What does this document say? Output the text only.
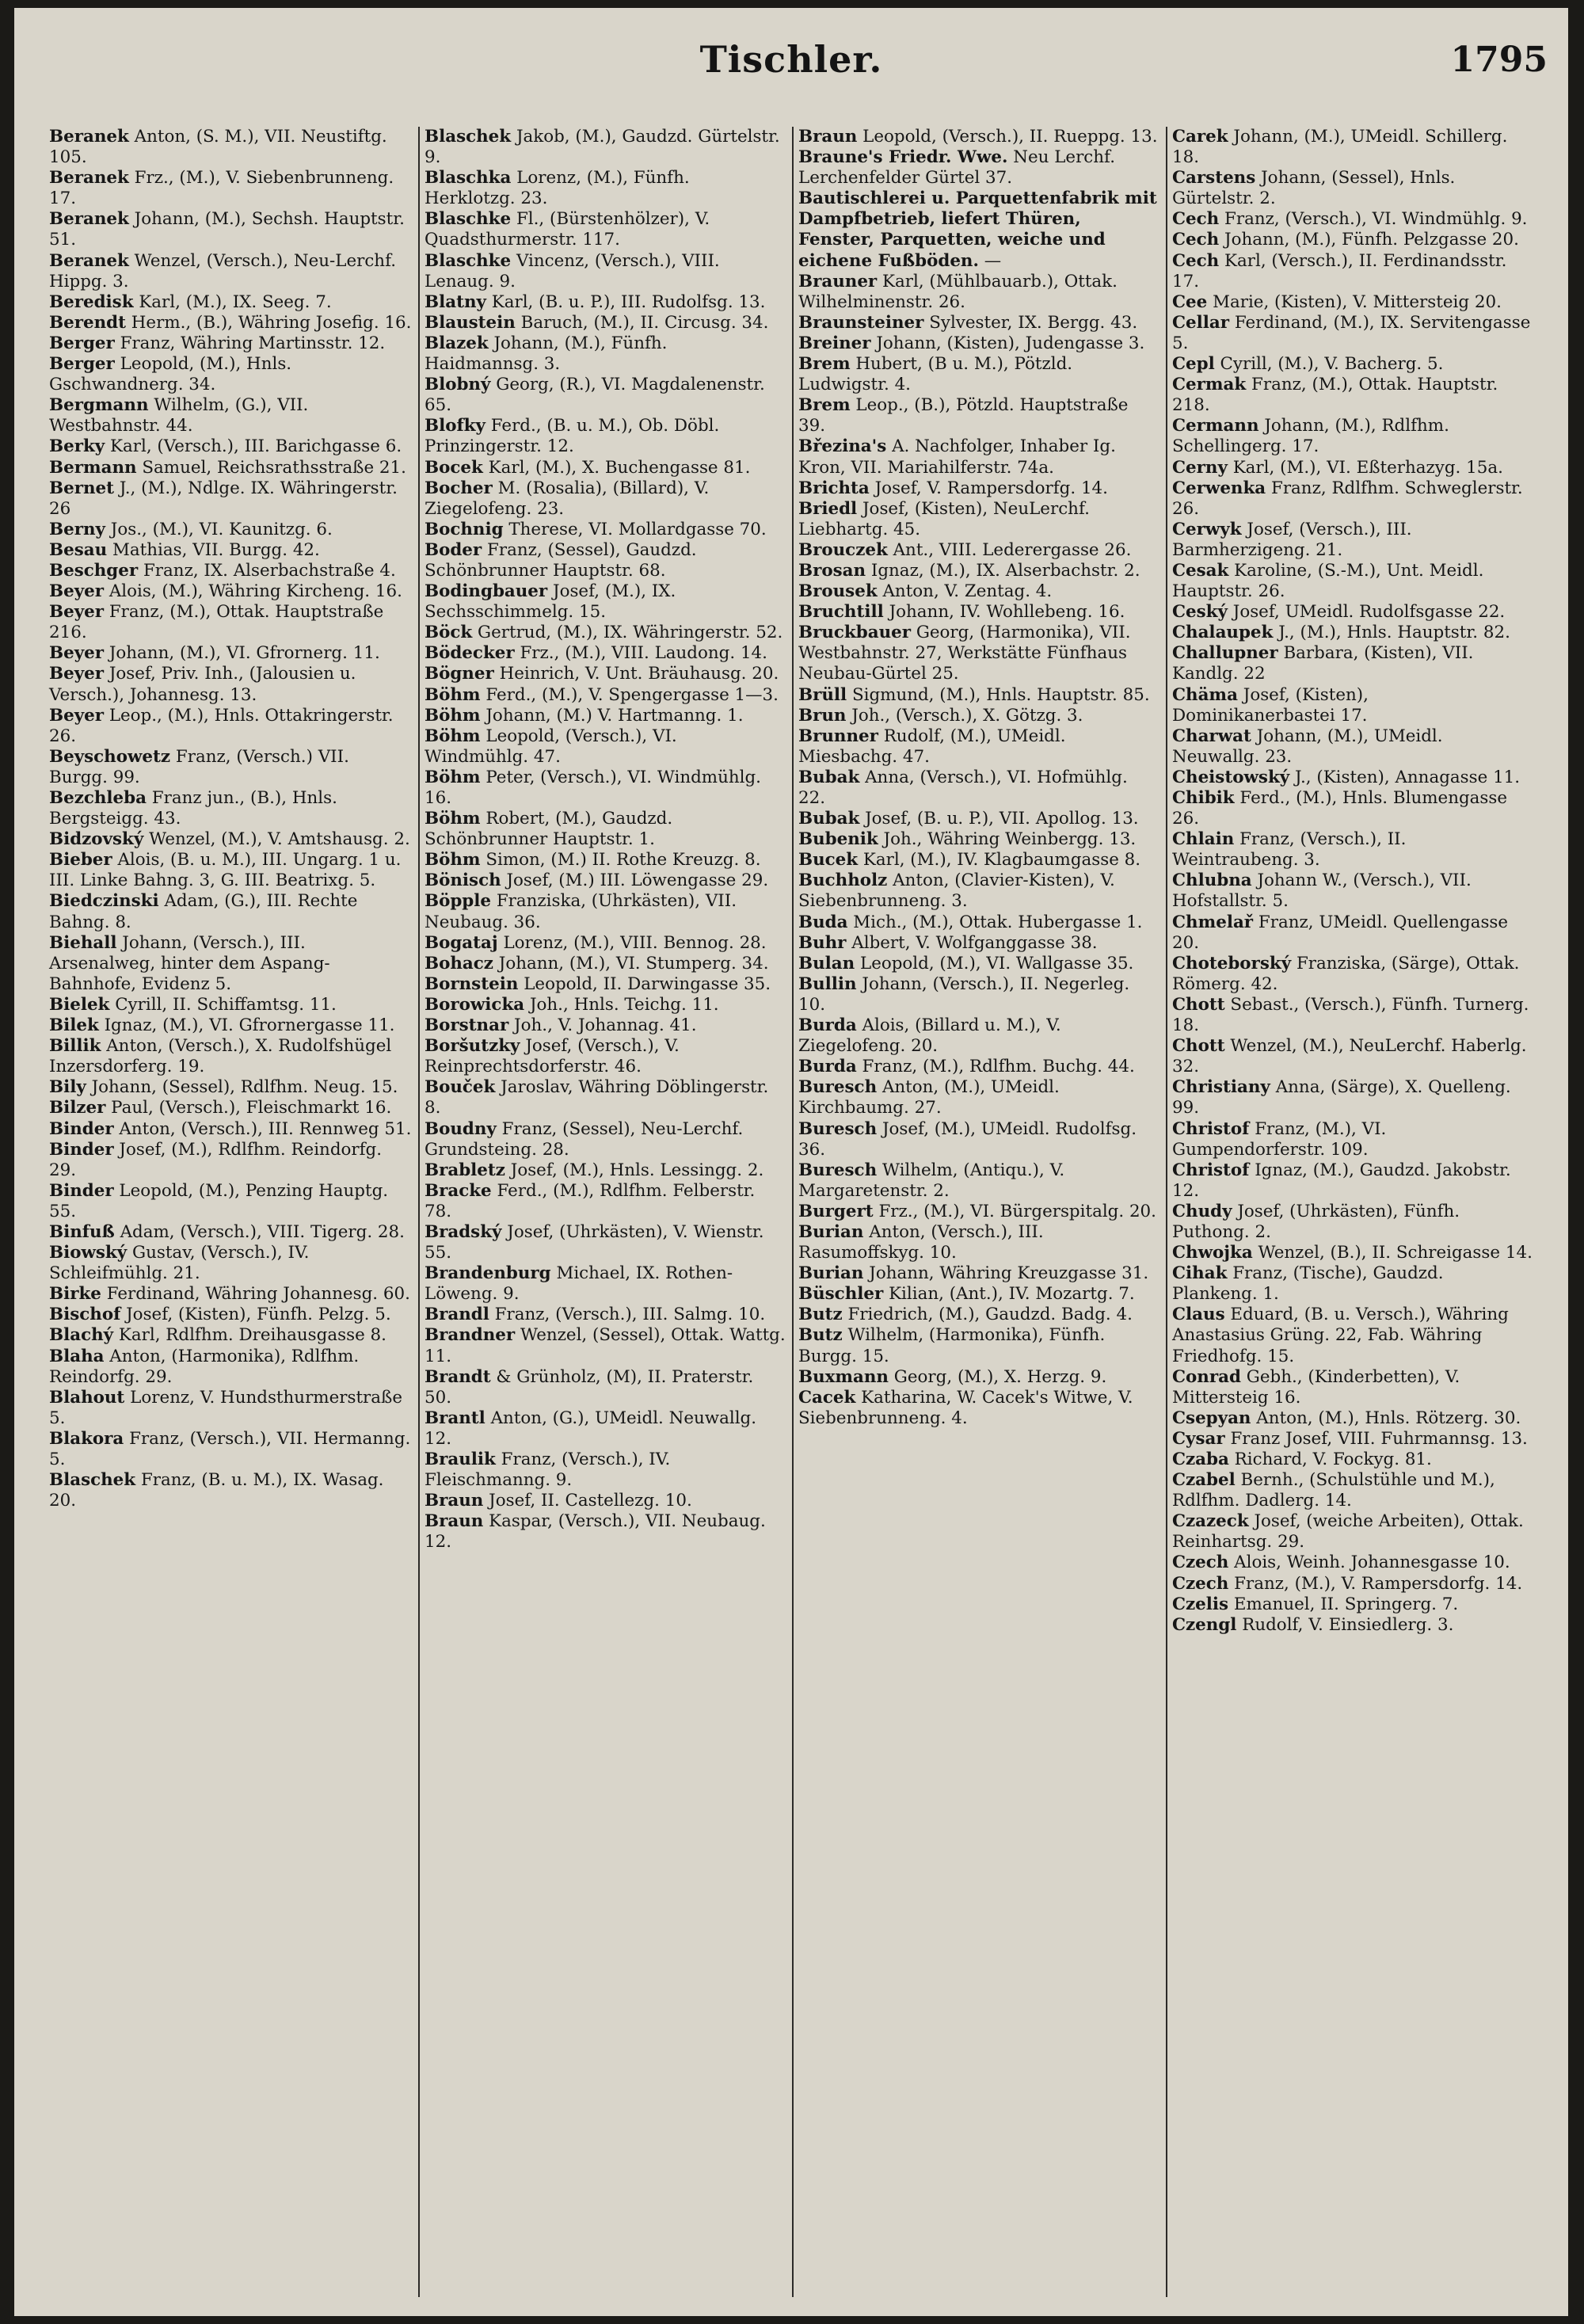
Tischler.	1795

Beranek Anton, (S. M.), VII. Neustiftg. 105.

Beranek Frz., (M.), V. Siebenbrunneng. 17.

Beranek Johann, (M.), Sechsh. Hauptstr. 51.

Beranek Wenzel, (Versch.), Neu-Lerchf. Hippg. 3.

Beredisk Karl, (M.), IX. Seeg. 7.

Berendt Herm., (B.), Währing Josefig. 16.

Berger Franz, Währing Martinsstr. 12.

Berger Leopold, (M.), Hnls. Gschwandnerg. 34.

Bergmann Wilhelm, (G.), VII. Westbahnstr. 44.

Berky Karl, (Versch.), III. Barichgasse 6.

Bermann Samuel, Reichsrathsstraße 21.

Bernet J., (M.), Ndlge. IX. Währingerstr. 26

Berny Jos., (M.), VI. Kaunitzg. 6.

Besau Mathias, VII. Burgg. 42.

Beschger Franz, IX. Alserbachstraße 4.

Beyer Alois, (M.), Währing Kircheng. 16.

Beyer Franz, (M.), Ottak. Hauptstraße 216.

Beyer Johann, (M.), VI. Gfrornerg. 11.

Beyer Josef, Priv. Inh., (Jalousien u. Versch.), Johannesg. 13.

Beyer Leop., (M.), Hnls. Ottakringerstr. 26.

Beyschowetz Franz, (Versch.) VII. Burgg. 99.

Bezchleba Franz jun., (B.), Hnls. Bergsteigg. 43.

Bidzovský Wenzel, (M.), V. Amtshausg. 2.

Bieber Alois, (B. u. M.), III. Ungarg. 1 u. III. Linke Bahng. 3, G. III. Beatrixg. 5.

Biedczinski Adam, (G.), III. Rechte Bahng. 8.

Biehall Johann, (Versch.), III. Arsenalweg, hinter dem Aspang-Bahnhofe, Evidenz 5.

Bielek Cyrill, II. Schiffamtsg. 11.

Bilek Ignaz, (M.), VI. Gfrornergasse 11.

Billik Anton, (Versch.), X. Rudolfshügel Inzersdorferg. 19.

Bily Johann, (Sessel), Rdlfhm. Neug. 15.

Bilzer Paul, (Versch.), Fleischmarkt 16.

Binder Anton, (Versch.), III. Rennweg 51.

Binder Josef, (M.), Rdlfhm. Reindorfg. 29.

Binder Leopold, (M.), Penzing Hauptg. 55.

Binfuß Adam, (Versch.), VIII. Tigerg. 28.

Biowský Gustav, (Versch.), IV. Schleifmühlg. 21.

Birke Ferdinand, Währing Johannesg. 60.

Bischof Josef, (Kisten), Fünfh. Pelzg. 5.

Blachý Karl, Rdlfhm. Dreihausgasse 8.

Blaha Anton, (Harmonika), Rdlfhm. Reindorfg. 29.

Blahout Lorenz, V. Hundsthurmerstraße 5.

Blakora Franz, (Versch.), VII. Hermanng. 5.

Blaschek Franz, (B. u. M.), IX. Wasag. 20.

Blaschek Jakob, (M.), Gaudzd. Gürtelstr. 9.

Blaschka Lorenz, (M.), Fünfh. Herklotzg. 23.

Blaschke Fl., (Bürstenhölzer), V. Quadsthurmerstr. 117.

Blaschke Vincenz, (Versch.), VIII. Lenaug. 9.

Blatny Karl, (B. u. P.), III. Rudolfsg. 13.

Blaustein Baruch, (M.), II. Circusg. 34.

Blazek Johann, (M.), Fünfh. Haidmannsg. 3.

Blobný Georg, (R.), VI. Magdalenenstr. 65.

Blofky Ferd., (B. u. M.), Ob. Döbl. Prinzingerstr. 12.

Bocek Karl, (M.), X. Buchengasse 81.

Bocher M. (Rosalia), (Billard), V. Ziegelofeng. 23.

Bochnig Therese, VI. Mollardgasse 70.

Boder Franz, (Sessel), Gaudzd. Schönbrunner Hauptstr. 68.

Bodingbauer Josef, (M.), IX. Sechsschimmelg. 15.

Böck Gertrud, (M.), IX. Währingerstr. 52.

Bödecker Frz., (M.), VIII. Laudong. 14.

Bögner Heinrich, V. Unt. Bräuhausg. 20.

Böhm Ferd., (M.), V. Spengergasse 1—3.

Böhm Johann, (M.) V. Hartmanng. 1.

Böhm Leopold, (Versch.), VI. Windmühlg. 47.

Böhm Peter, (Versch.), VI. Windmühlg. 16.

Böhm Robert, (M.), Gaudzd. Schönbrunner Hauptstr. 1.

Böhm Simon, (M.) II. Rothe Kreuzg. 8.

Bönisch Josef, (M.) III. Löwengasse 29.

Böpple Franziska, (Uhrkästen), VII. Neubaug. 36.

Bogataj Lorenz, (M.), VIII. Bennog. 28.

Bohacz Johann, (M.), VI. Stumperg. 34.

Bornstein Leopold, II. Darwingasse 35.

Borowicka Joh., Hnls. Teichg. 11.

Borstnar Joh., V. Johannag. 41.

Boršutzky Josef, (Versch.), V. Reinprechtsdorferstr. 46.

Bouček Jaroslav, Währing Döblingerstr. 8.

Boudny Franz, (Sessel), Neu-Lerchf. Grundsteing. 28.

Brabletz Josef, (M.), Hnls. Lessingg. 2.

Bracke Ferd., (M.), Rdlfhm. Felberstr. 78.

Bradský Josef, (Uhrkästen), V. Wienstr. 55.

Brandenburg Michael, IX. Rothen-Löweng. 9.

Brandl Franz, (Versch.), III. Salmg. 10.

Brandner Wenzel, (Sessel), Ottak. Wattg. 11.

Brandt & Grünholz, (M), II. Praterstr. 50.

Brantl Anton, (G.), UMeidl. Neuwallg. 12.

Braulik Franz, (Versch.), IV. Fleischmanng. 9.

Braun Josef, II. Castellezg. 10.

Braun Kaspar, (Versch.), VII. Neubaug. 12.

Braun Leopold, (Versch.), II. Rueppg. 13.

Braune's Friedr. Wwe. Neu Lerchf. Lerchenfelder Gürtel 37.

Bautischlerei u. Parquettenfabrik mit Dampfbetrieb, liefert Thüren, Fenster, Parquetten, weiche und eichene Fußböden. —

Brauner Karl, (Mühlbauarb.), Ottak. Wilhelminenstr. 26.

Braunsteiner Sylvester, IX. Bergg. 43.

Breiner Johann, (Kisten), Judengasse 3.

Brem Hubert, (B u. M.), Pötzld. Ludwigstr. 4.

Brem Leop., (B.), Pötzld. Hauptstraße 39.

Březina's A. Nachfolger, Inhaber Ig. Kron, VII. Mariahilferstr. 74a.

Brichta Josef, V. Rampersdorfg. 14.

Briedl Josef, (Kisten), NeuLerchf. Liebhartg. 45.

Brouczek Ant., VIII. Lederergasse 26.

Brosan Ignaz, (M.), IX. Alserbachstr. 2.

Brousek Anton, V. Zentag. 4.

Bruchtill Johann, IV. Wohllebeng. 16.

Bruckbauer Georg, (Harmonika), VII. Westbahnstr. 27, Werkstätte Fünfhaus Neubau-Gürtel 25.

Brüll Sigmund, (M.), Hnls. Hauptstr. 85.

Brun Joh., (Versch.), X. Götzg. 3.

Brunner Rudolf, (M.), UMeidl. Miesbachg. 47.

Bubak Anna, (Versch.), VI. Hofmühlg. 22.

Bubak Josef, (B. u. P.), VII. Apollog. 13.

Bubenik Joh., Währing Weinbergg. 13.

Bucek Karl, (M.), IV. Klagbaumgasse 8.

Buchholz Anton, (Clavier-Kisten), V. Siebenbrunneng. 3.

Buda Mich., (M.), Ottak. Hubergasse 1.

Buhr Albert, V. Wolfganggasse 38.

Bulan Leopold, (M.), VI. Wallgasse 35.

Bullin Johann, (Versch.), II. Negerleg. 10.

Burda Alois, (Billard u. M.), V. Ziegelofeng. 20.

Burda Franz, (M.), Rdlfhm. Buchg. 44.

Buresch Anton, (M.), UMeidl. Kirchbaumg. 27.

Buresch Josef, (M.), UMeidl. Rudolfsg. 36.

Buresch Wilhelm, (Antiqu.), V. Margaretenstr. 2.

Burgert Frz., (M.), VI. Bürgerspitalg. 20.

Burian Anton, (Versch.), III. Rasumoffskyg. 10.

Burian Johann, Währing Kreuzgasse 31.

Büschler Kilian, (Ant.), IV. Mozartg. 7.

Butz Friedrich, (M.), Gaudzd. Badg. 4.

Butz Wilhelm, (Harmonika), Fünfh. Burgg. 15.

Buxmann Georg, (M.), X. Herzg. 9.

Cacek Katharina, W. Cacek's Witwe, V. Siebenbrunneng. 4.

Carek Johann, (M.), UMeidl. Schillerg. 18.

Carstens Johann, (Sessel), Hnls. Gürtelstr. 2.

Cech Franz, (Versch.), VI. Windmühlg. 9.

Cech Johann, (M.), Fünfh. Pelzgasse 20.

Cech Karl, (Versch.), II. Ferdinandsstr. 17.

Cee Marie, (Kisten), V. Mittersteig 20.

Cellar Ferdinand, (M.), IX. Servitengasse 5.

Cepl Cyrill, (M.), V. Bacherg. 5.

Cermak Franz, (M.), Ottak. Hauptstr. 218.

Cermann Johann, (M.), Rdlfhm. Schellingerg. 17.

Cerny Karl, (M.), VI. Eßterhazyg. 15a.

Cerwenka Franz, Rdlfhm. Schweglerstr. 26.

Cerwyk Josef, (Versch.), III. Barmherzigeng. 21.

Cesak Karoline, (S.-M.), Unt. Meidl. Hauptstr. 26.

Ceský Josef, UMeidl. Rudolfsgasse 22.

Chalaupek J., (M.), Hnls. Hauptstr. 82.

Challupner Barbara, (Kisten), VII. Kandlg. 22

Chäma Josef, (Kisten), Dominikanerbastei 17.

Charwat Johann, (M.), UMeidl. Neuwallg. 23.

Cheistowský J., (Kisten), Annagasse 11.

Chibik Ferd., (M.), Hnls. Blumengasse 26.

Chlain Franz, (Versch.), II. Weintraubeng. 3.

Chlubna Johann W., (Versch.), VII. Hofstallstr. 5.

Chmelař Franz, UMeidl. Quellengasse 20.

Choteborský Franziska, (Särge), Ottak. Römerg. 42.

Chott Sebast., (Versch.), Fünfh. Turnerg. 18.

Chott Wenzel, (M.), NeuLerchf. Haberlg. 32.

Christiany Anna, (Särge), X. Quelleng. 99.

Christof Franz, (M.), VI. Gumpendorferstr. 109.

Christof Ignaz, (M.), Gaudzd. Jakobstr. 12.

Chudy Josef, (Uhrkästen), Fünfh. Puthong. 2.

Chwojka Wenzel, (B.), II. Schreigasse 14.

Cihak Franz, (Tische), Gaudzd. Plankeng. 1.

Claus Eduard, (B. u. Versch.), Währing Anastasius Grüng. 22, Fab. Währing Friedhofg. 15.

Conrad Gebh., (Kinderbetten), V. Mittersteig 16.

Csepyan Anton, (M.), Hnls. Rötzerg. 30.

Cysar Franz Josef, VIII. Fuhrmannsg. 13.

Czaba Richard, V. Fockyg. 81.

Czabel Bernh., (Schulstühle und M.), Rdlfhm. Dadlerg. 14.

Czazeck Josef, (weiche Arbeiten), Ottak. Reinhartsg. 29.

Czech Alois, Weinh. Johannesgasse 10.

Czech Franz, (M.), V. Rampersdorfg. 14.

Czelis Emanuel, II. Springerg. 7.

Czengl Rudolf, V. Einsiedlerg. 3.
